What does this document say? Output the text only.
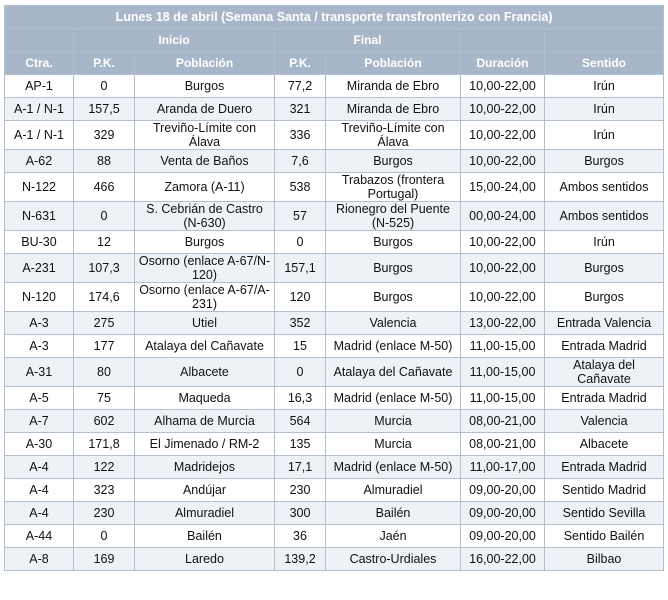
Lunes 18 de abril (Semana Santa / transporte transfronterizo con Francia)						
	Inicio		Final			
Ctra.	P.K.	Población	P.K.	Población	Duración	Sentido
AP-1	0	Burgos	77,2	Miranda de Ebro	10,00-22,00	Irún
A-1 / N-1	157,5	Aranda de Duero	321	Miranda de Ebro	10,00-22,00	Irún
A-1 / N-1	329	Treviño-Límite con Álava	336	Treviño-Límite con Álava	10,00-22,00	Irún
A-62	88	Venta de Baños	7,6	Burgos	10,00-22,00	Burgos
N-122	466	Zamora (A-11)	538	Trabazos (frontera Portugal)	15,00-24,00	Ambos sentidos
N-631	0	S. Cebrián de Castro (N-630)	57	Rionegro del Puente (N-525)	00,00-24,00	Ambos sentidos
BU-30	12	Burgos	0	Burgos	10,00-22,00	Irún
A-231	107,3	Osorno (enlace A-67/N-120)	157,1	Burgos	10,00-22,00	Burgos
N-120	174,6	Osorno (enlace A-67/A-231)	120	Burgos	10,00-22,00	Burgos
A-3	275	Utiel	352	Valencia	13,00-22,00	Entrada Valencia
A-3	177	Atalaya del Cañavate	15	Madrid (enlace M-50)	11,00-15,00	Entrada Madrid
A-31	80	Albacete	0	Atalaya del Cañavate	11,00-15,00	Atalaya del Cañavate
A-5	75	Maqueda	16,3	Madrid (enlace M-50)	11,00-15,00	Entrada Madrid
A-7	602	Alhama de Murcia	564	Murcia	08,00-21,00	Valencia
A-30	171,8	El Jimenado / RM-2	135	Murcia	08,00-21,00	Albacete
A-4	122	Madridejos	17,1	Madrid (enlace M-50)	11,00-17,00	Entrada Madrid
A-4	323	Andújar	230	Almuradiel	09,00-20,00	Sentido Madrid
A-4	230	Almuradiel	300	Bailén	09,00-20,00	Sentido Sevilla
A-44	0	Bailén	36	Jaén	09,00-20,00	Sentido Bailén
A-8	169	Laredo	139,2	Castro-Urdiales	16,00-22,00	Bilbao
